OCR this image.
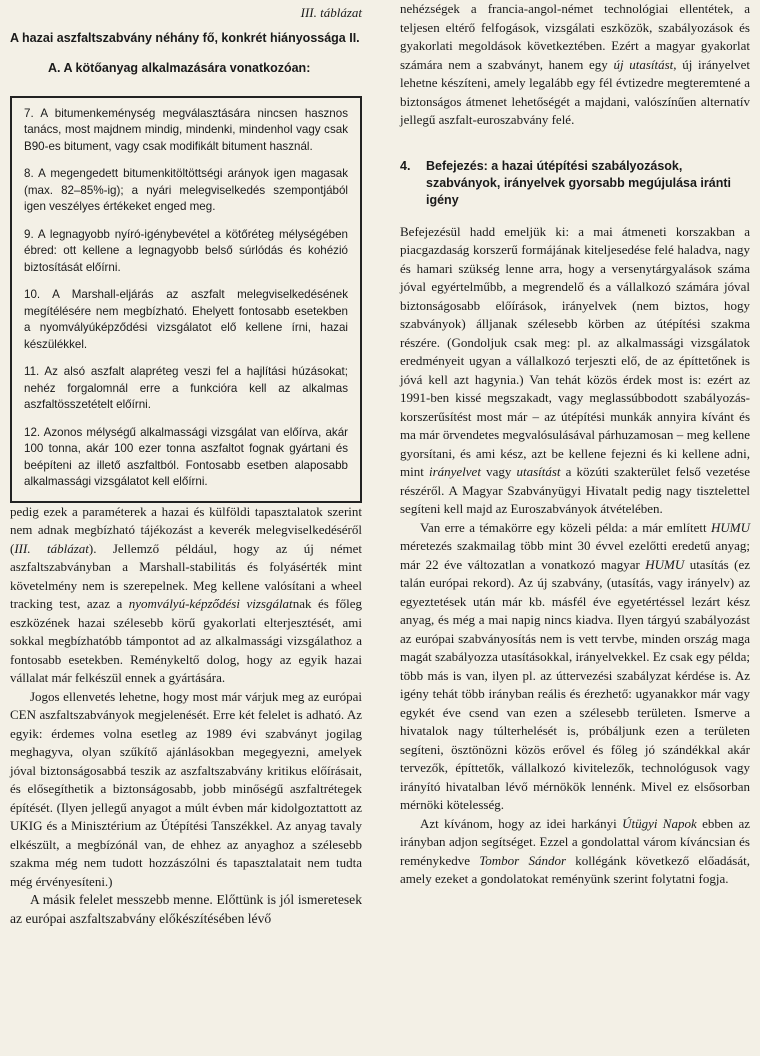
III. táblázat

A hazai aszfaltszabvány néhány fő, konkrét hiányossága II.

A. A kötőanyag alkalmazására vonatkozóan:

7. A bitumenkeménység megválasztására nincsen hasznos tanács, most majdnem mindig, mindenki, mindenhol vagy csak B90-es bitument, vagy csak modifikált bitument használ.

8. A megengedett bitumenkitöltöttségi arányok igen magasak (max. 82–85%-ig); a nyári melegviselkedés szempontjából igen veszélyes értékeket enged meg.

9. A legnagyobb nyíró-igénybevétel a kötőréteg mélységében ébred: ott kellene a legnagyobb belső súrlódás és kohézió biztosítását előírni.

10. A Marshall-eljárás az aszfalt melegviselkedésének megítélésére nem megbízható. Ehelyett fontosabb esetekben a nyomvályúképződési vizsgálatot elő kellene írni, hazai készülékkel.

11. Az alsó aszfalt alapréteg veszi fel a hajlítási húzásokat; nehéz forgalomnál erre a funkcióra kell az alkalmas aszfaltösszetételt előírni.

12. Azonos mélységű alkalmassági vizsgálat van előírva, akár 100 tonna, akár 100 ezer tonna aszfaltot fognak gyártani és beépíteni az illető aszfaltból. Fontosabb esetben alaposabb alkalmassági vizsgálatot kell előírni.

pedig ezek a paraméterek a hazai és külföldi tapasztalatok szerint nem adnak megbízható tájékozást a keverék melegviselkedéséről (III. táblázat). Jellemző például, hogy az új német aszfaltszabványban a Marshall-stabilitás és folyásérték mint követelmény nem is szerepelnek. Meg kellene valósítani a wheel tracking test, azaz a nyomvályú-képződési vizsgálatnak és főleg eszközének hazai szélesebb körű gyakorlati elterjesztését, ami sokkal megbízhatóbb támpontot ad az alkalmassági vizsgálathoz a fontosabb esetekben. Reménykeltő dolog, hogy az egyik hazai vállalat már felkészül ennek a gyártására.

Jogos ellenvetés lehetne, hogy most már várjuk meg az európai CEN aszfaltszabványok megjelenését. Erre két felelet is adható. Az egyik: érdemes volna esetleg az 1989 évi szabványt jogilag meghagyva, olyan szűkítő ajánlásokban megegyezni, amelyek jóval biztonságosabbá teszik az aszfaltszabvány kritikus előírásait, és elősegíthetik a biztonságosabb, jobb minőségű aszfaltrétegek építését. (Ilyen jellegű anyagot a múlt évben már kidolgoztattott az UKIG és a Minisztérium az Útépítési Tanszékkel. Az anyag tavaly elkészült, a megbízónál van, de ehhez az anyaghoz a szélesebb szakma még nem tudott hozzászólni és tapasztalatait nem tudta még érvényesíteni.)

A másik felelet messzebb menne. Előttünk is jól ismeretesek az európai aszfaltszabvány előkészítésében lévő

nehézségek a francia-angol-német technológiai ellentétek, a teljesen eltérő felfogások, vizsgálati eszközök, szabályozások és gyakorlati megoldások következtében. Ezért a magyar gyakorlat számára nem a szabványt, hanem egy új utasítást, új irányelvet lehetne készíteni, amely legalább egy fél évtizedre megteremtené a biztonságos átmenet lehetőségét a majdani, valószínűen alternatív jellegű aszfalt-euroszabvány felé.

4. Befejezés: a hazai útépítési szabályozások, szabványok, irányelvek gyorsabb megújulása iránti igény

Befejezésül hadd emeljük ki: a mai átmeneti korszakban a piacgazdaság korszerű formájának kiteljesedése felé haladva, nagy és hamari szükség lenne arra, hogy a versenytárgyalások száma jóval egyértelműbb, a megrendelő és a vállalkozó számára jóval biztonságosabb előírások, irányelvek (nem biztos, hogy szabványok) álljanak szélesebb körben az útépítési szakma részére. (Gondoljuk csak meg: pl. az alkalmassági vizsgálatok eredményeit ugyan a vállalkozó terjeszti elő, de az építtetőnek is jóvá kell azt hagynia.) Van tehát közös érdek most is: ezért az 1991-ben kissé megszakadt, vagy meglassúbbodott szabályozás-korszerűsítést most már – az útépítési munkák annyira kívánt és ma már örvendetes megvalósulásával párhuzamosan – meg kellene gyorsítani, és ami kész, azt be kellene fejezni és ki kellene adni, mint irányelvet vagy utasítást a közúti szakterület felső vezetése részéről. A Magyar Szabványügyi Hivatalt pedig nagy tisztelettel segíteni kell majd az Euroszabványok átvételében.

Van erre a témakörre egy közeli példa: a már említett HUMU méretezés szakmailag több mint 30 évvel ezelőtti eredetű anyag; már 22 éve változatlan a vonatkozó magyar HUMU utasítás (ez talán európai rekord). Az új szabvány, (utasítás, vagy irányelv) az egyeztetések után már kb. másfél éve egyetértéssel lezárt kész anyag, és még a mai napig nincs kiadva. Ilyen tárgyú szabályozást az európai szabványosítás nem is vett tervbe, minden ország maga magát szabályozza utasításokkal, irányelvekkel. Ez csak egy példa; több más is van, ilyen pl. az úttervezési szabályzat kérdése is. Az igény tehát több irányban reális és érezhető: ugyanakkor már vagy egykét éve csend van ezen a szélesebb területen. Ismerve a hivatalok nagy túlterhelését is, próbáljunk ezen a területen segíteni, ösztönözni közös erővel és főleg jó szándékkal akár tervezők, építtetők, vállalkozó kivitelezők, technológusok vagy irányító hivatalban lévő mérnökök lennénk. Mivel ez elsősorban mérnöki kötelesség.

Azt kívánom, hogy az idei harkányi Útügyi Napok ebben az irányban adjon segítséget. Ezzel a gondolattal várom kíváncsian és reménykedve Tombor Sándor kollégánk következő előadását, amely ezeket a gondolatokat reményünk szerint folytatni fogja.
